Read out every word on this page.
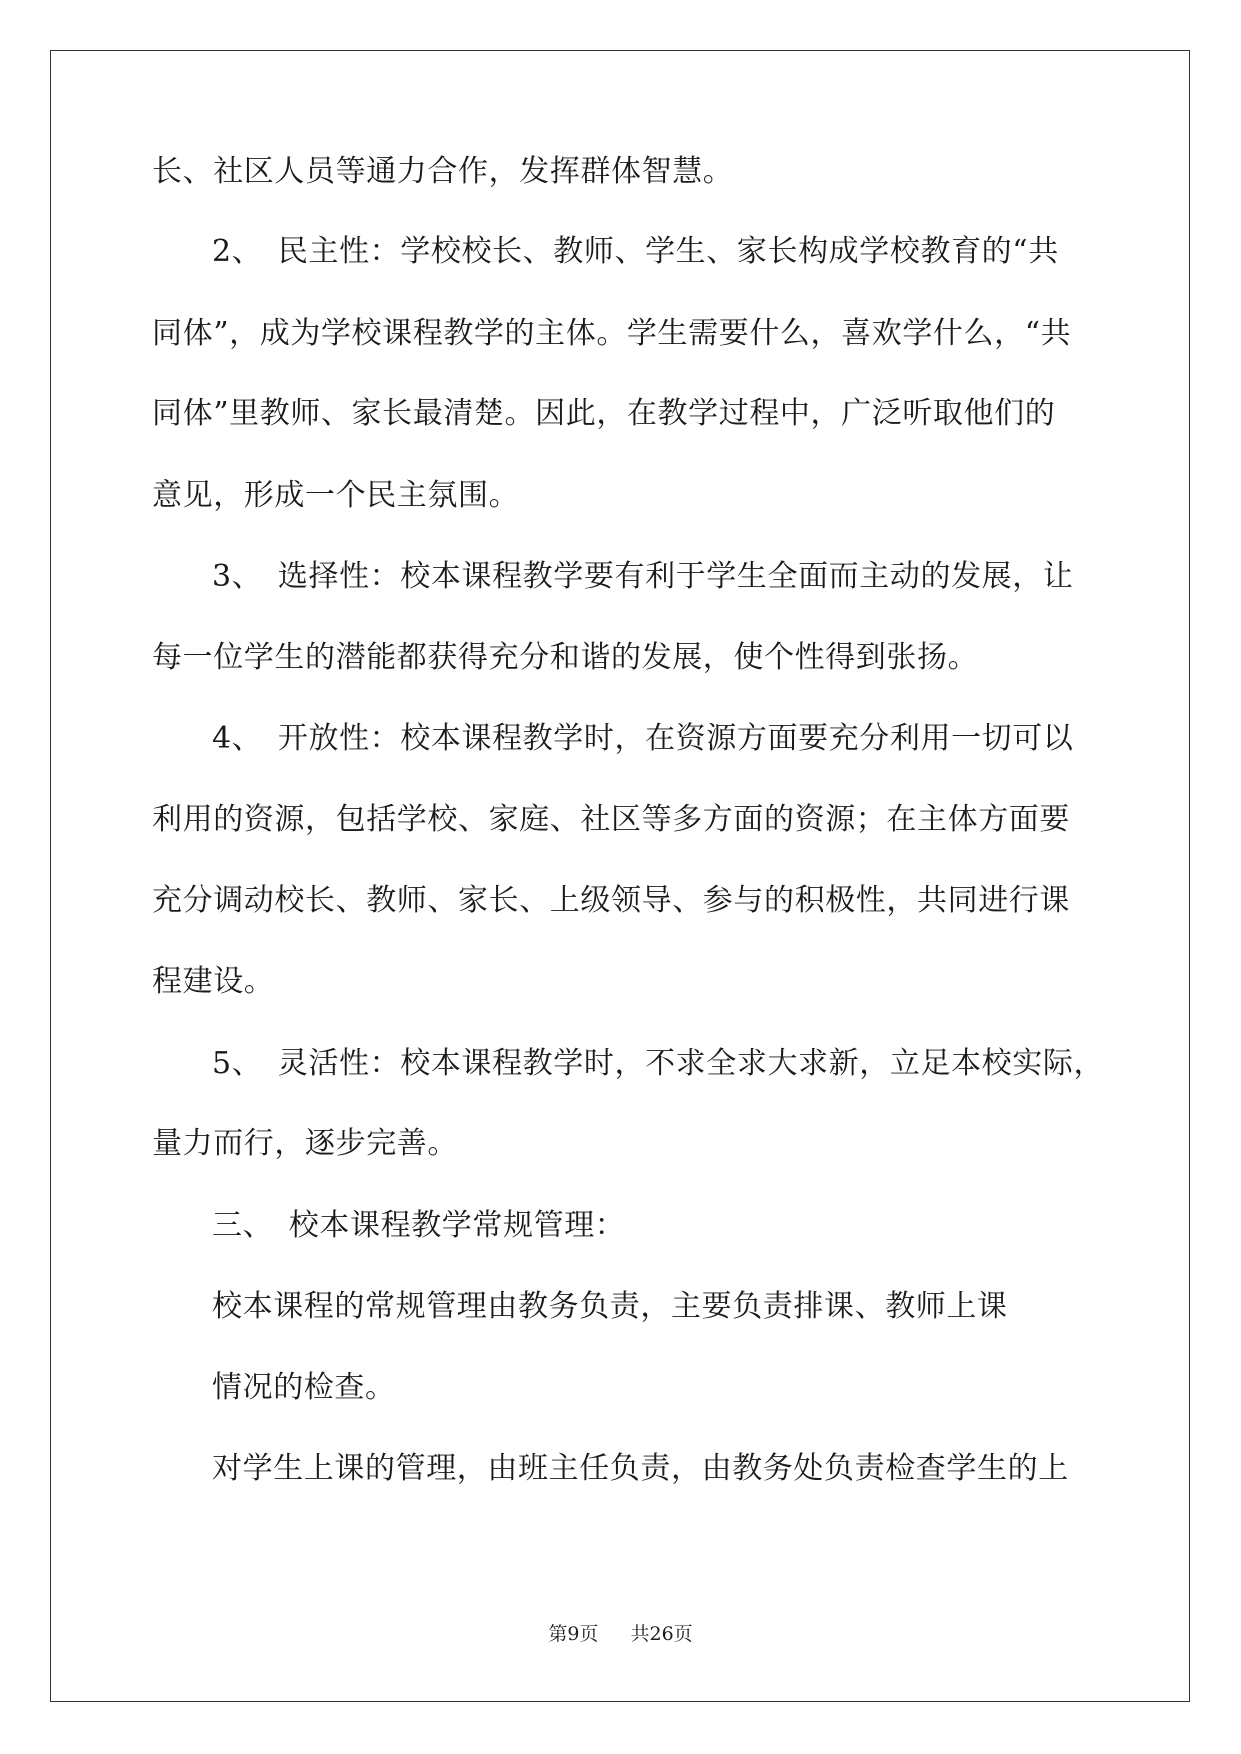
长、社区人员等通力合作，发挥群体智慧。
2、　民主性：学校校长、教师、学生、家长构成学校教育的“共
同体”，成为学校课程教学的主体。学生需要什么，喜欢学什么，“共
同体”里教师、家长最清楚。因此，在教学过程中，广泛听取他们的
意见，形成一个民主氛围。
3、　选择性：校本课程教学要有利于学生全面而主动的发展，让
每一位学生的潜能都获得充分和谐的发展，使个性得到张扬。
4、　开放性：校本课程教学时，在资源方面要充分利用一切可以
利用的资源，包括学校、家庭、社区等多方面的资源；在主体方面要
充分调动校长、教师、家长、上级领导、参与的积极性，共同进行课
程建设。
5、　灵活性：校本课程教学时，不求全求大求新，立足本校实际，
量力而行，逐步完善。
三、　校本课程教学常规管理：
校本课程的常规管理由教务负责，主要负责排课、教师上课
情况的检查。
对学生上课的管理，由班主任负责，由教务处负责检查学生的上
第9页 共26页
